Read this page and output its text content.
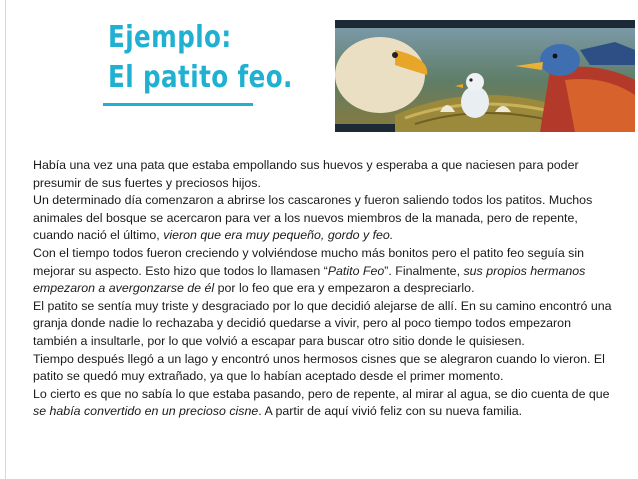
Ejemplo:
El patito feo.

Había una vez una pata que estaba empollando sus huevos y esperaba a que naciesen para poder presumir de sus fuertes y preciosos hijos.

Un determinado día comenzaron a abrirse los cascarones y fueron saliendo todos los patitos. Muchos animales del bosque se acercaron para ver a los nuevos miembros de la manada, pero de repente, cuando nació el último, vieron que era muy pequeño, gordo y feo.

Con el tiempo todos fueron creciendo y volviéndose mucho más bonitos pero el patito feo seguía sin mejorar su aspecto. Esto hizo que todos lo llamasen “Patito Feo”. Finalmente, sus propios hermanos empezaron a avergonzarse de él por lo feo que era y empezaron a despreciarlo.

El patito se sentía muy triste y desgraciado por lo que decidió alejarse de allí. En su camino encontró una granja donde nadie lo rechazaba y decidió quedarse a vivir, pero al poco tiempo todos empezaron también a insultarle, por lo que volvió a escapar para buscar otro sitio donde le quisiesen.

Tiempo después llegó a un lago y encontró unos hermosos cisnes que se alegraron cuando lo vieron. El patito se quedó muy extrañado, ya que lo habían aceptado desde el primer momento.

Lo cierto es que no sabía lo que estaba pasando, pero de repente, al mirar al agua, se dio cuenta de que se había convertido en un precioso cisne. A partir de aquí vivió feliz con su nueva familia.
